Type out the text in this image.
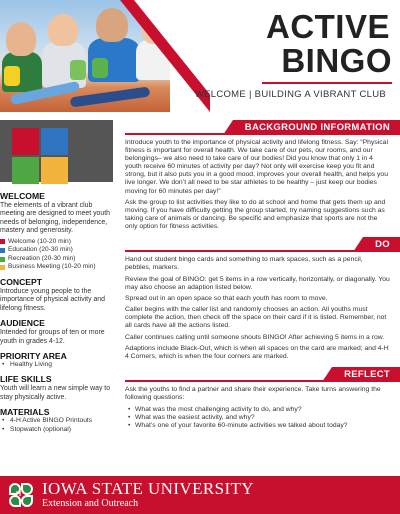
ACTIVE
BINGO
WELCOME | BUILDING A VIBRANT CLUB
WELCOME
The elements of a vibrant club meeting are designed to meet youth needs of belonging, independence, mastery and generosity.
Welcome (10-20 min)
Education (20-30 min)
Recreation (20-30 min)
Business Meeting (10-20 min)
CONCEPT
Introduce young people to the importance of physical activity and lifelong fitness.
AUDIENCE
Intended for groups of ten or more youth in grades 4-12.
PRIORITY AREA
• Healthy Living
LIFE SKILLS
Youth will learn a new simple way to stay physically active.
MATERIALS
• 4-H Active BINGO Printouts
• Stopwatch (optional)
BACKGROUND INFORMATION
Introduce youth to the importance of physical activity and lifelong fitness. Say: “Physical fitness is important for overall health. We take care of our pets, our rooms, and our belongings– we also need to take care of our bodies! Did you know that only 1 in 4 youth receive 60 minutes of activity per day? Not only will exercise keep you fit and strong, but it also puts you in a good mood, improves your overall health, and helps you live longer. We don’t all need to be star athletes to be healthy – just keep our bodies moving for 60 minutes per day!”
Ask the group to list activities they like to do at school and home that gets them up and moving. If you have difficulty getting the group started, try naming suggestions such as taking care of animals or dancing. Be specific and emphasize that sports are not the only option for fitness activities.
DO
Hand out student bingo cards and something to mark spaces, such as a pencil, pebbles, markers.
Review the goal of BINGO: get 5 items in a row vertically, horizontally, or diagonally. You may also choose an adaption listed below.
Spread out in an open space so that each youth has room to move.
Caller begins with the caller list and randomly chooses an action. All youths must complete the action, then check off the space on their card if it is listed. Remember, not all cards have all the actions listed.
Caller continues calling until someone shouts BINGO! After achieving 5 items in a row.
Adaptions include Black-Out, which is when all spaces on the card are marked; and 4-H 4 Corners, which is when the four corners are marked.
REFLECT
Ask the youths to find a partner and share their experience. Take turns answering the following questions:
• What was the most challenging activity to do, and why?
• What was the easiest activity, and why?
• What’s one of your favorite 60-minute activities we talked about today?
H IOWA STATE UNIVERSITY
Extension and Outreach
